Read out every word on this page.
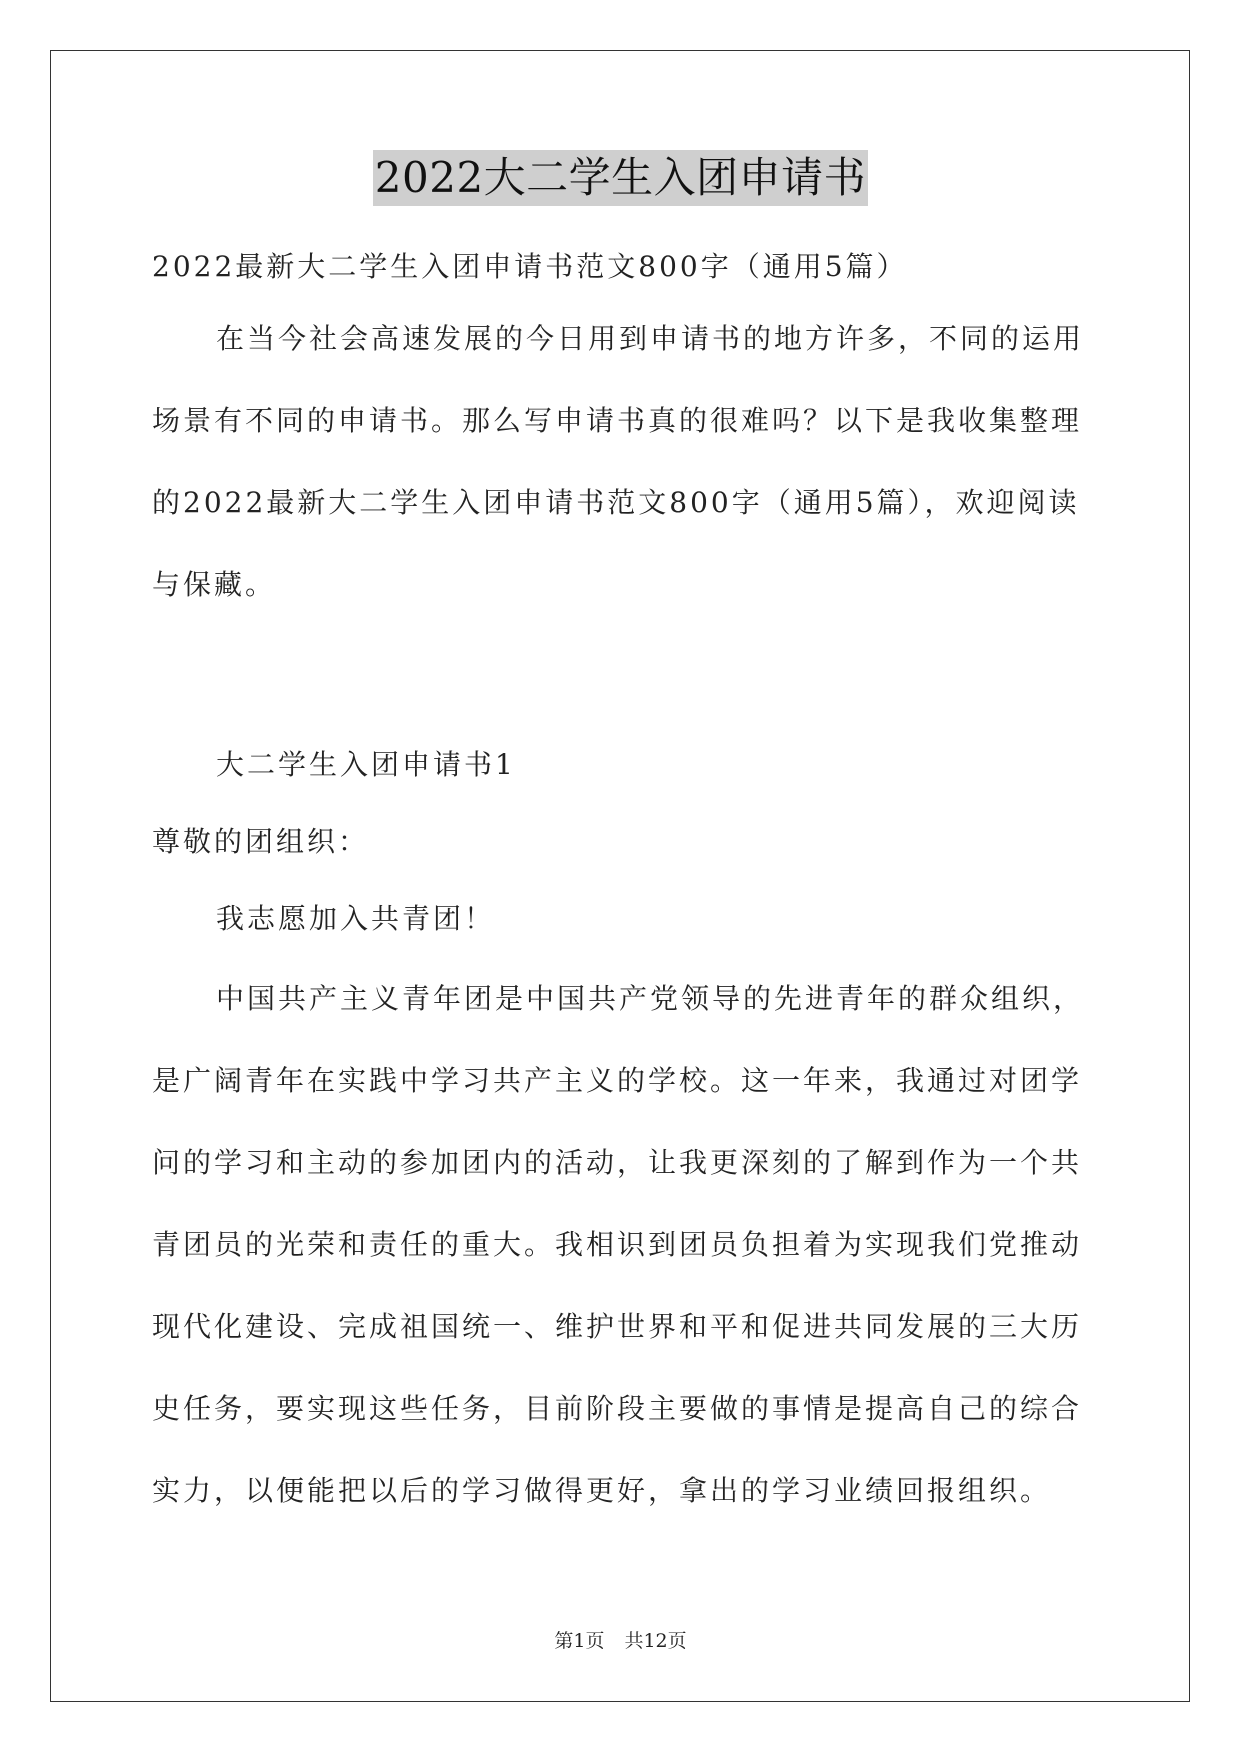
2022大二学生入团申请书
2022最新大二学生入团申请书范文800字（通用5篇）
在当今社会高速发展的今日用到申请书的地方许多，不同的运用
场景有不同的申请书。那么写申请书真的很难吗？以下是我收集整理
的2022最新大二学生入团申请书范文800字（通用5篇），欢迎阅读
与保藏。
大二学生入团申请书1
尊敬的团组织：
我志愿加入共青团！
中国共产主义青年团是中国共产党领导的先进青年的群众组织，
是广阔青年在实践中学习共产主义的学校。这一年来，我通过对团学
问的学习和主动的参加团内的活动，让我更深刻的了解到作为一个共
青团员的光荣和责任的重大。我相识到团员负担着为实现我们党推动
现代化建设、完成祖国统一、维护世界和平和促进共同发展的三大历
史任务，要实现这些任务，目前阶段主要做的事情是提高自己的综合
实力，以便能把以后的学习做得更好，拿出的学习业绩回报组织。
第1页 共12页
